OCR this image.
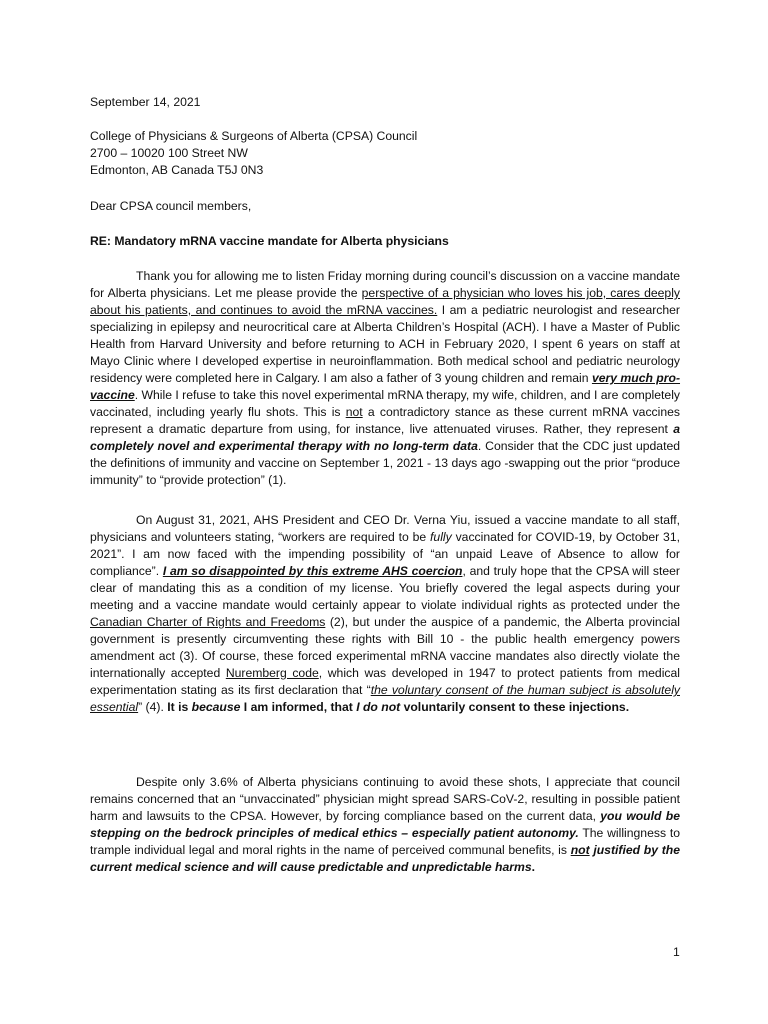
September 14, 2021

College of Physicians & Surgeons of Alberta (CPSA) Council

2700 – 10020 100 Street NW

Edmonton, AB Canada T5J 0N3

Dear CPSA council members,

RE: Mandatory mRNA vaccine mandate for Alberta physicians

Thank you for allowing me to listen Friday morning during council’s discussion on a vaccine mandate for Alberta physicians. Let me please provide the perspective of a physician who loves his job, cares deeply about his patients, and continues to avoid the mRNA vaccines. I am a pediatric neurologist and researcher specializing in epilepsy and neurocritical care at Alberta Children’s Hospital (ACH). I have a Master of Public Health from Harvard University and before returning to ACH in February 2020, I spent 6 years on staff at Mayo Clinic where I developed expertise in neuroinflammation. Both medical school and pediatric neurology residency were completed here in Calgary. I am also a father of 3 young children and remain very much pro-vaccine. While I refuse to take this novel experimental mRNA therapy, my wife, children, and I are completely vaccinated, including yearly flu shots. This is not a contradictory stance as these current mRNA vaccines represent a dramatic departure from using, for instance, live attenuated viruses. Rather, they represent a completely novel and experimental therapy with no long-term data. Consider that the CDC just updated the definitions of immunity and vaccine on September 1, 2021 - 13 days ago -swapping out the prior “produce immunity” to “provide protection” (1).

On August 31, 2021, AHS President and CEO Dr. Verna Yiu, issued a vaccine mandate to all staff, physicians and volunteers stating, “workers are required to be fully vaccinated for COVID-19, by October 31, 2021”. I am now faced with the impending possibility of “an unpaid Leave of Absence to allow for compliance”. I am so disappointed by this extreme AHS coercion, and truly hope that the CPSA will steer clear of mandating this as a condition of my license. You briefly covered the legal aspects during your meeting and a vaccine mandate would certainly appear to violate individual rights as protected under the Canadian Charter of Rights and Freedoms (2), but under the auspice of a pandemic, the Alberta provincial government is presently circumventing these rights with Bill 10 - the public health emergency powers amendment act (3). Of course, these forced experimental mRNA vaccine mandates also directly violate the internationally accepted Nuremberg code, which was developed in 1947 to protect patients from medical experimentation stating as its first declaration that “the voluntary consent of the human subject is absolutely essential” (4). It is because I am informed, that I do not voluntarily consent to these injections.

Despite only 3.6% of Alberta physicians continuing to avoid these shots, I appreciate that council remains concerned that an “unvaccinated” physician might spread SARS-CoV-2, resulting in possible patient harm and lawsuits to the CPSA. However, by forcing compliance based on the current data, you would be stepping on the bedrock principles of medical ethics – especially patient autonomy. The willingness to trample individual legal and moral rights in the name of perceived communal benefits, is not justified by the current medical science and will cause predictable and unpredictable harms.

1
